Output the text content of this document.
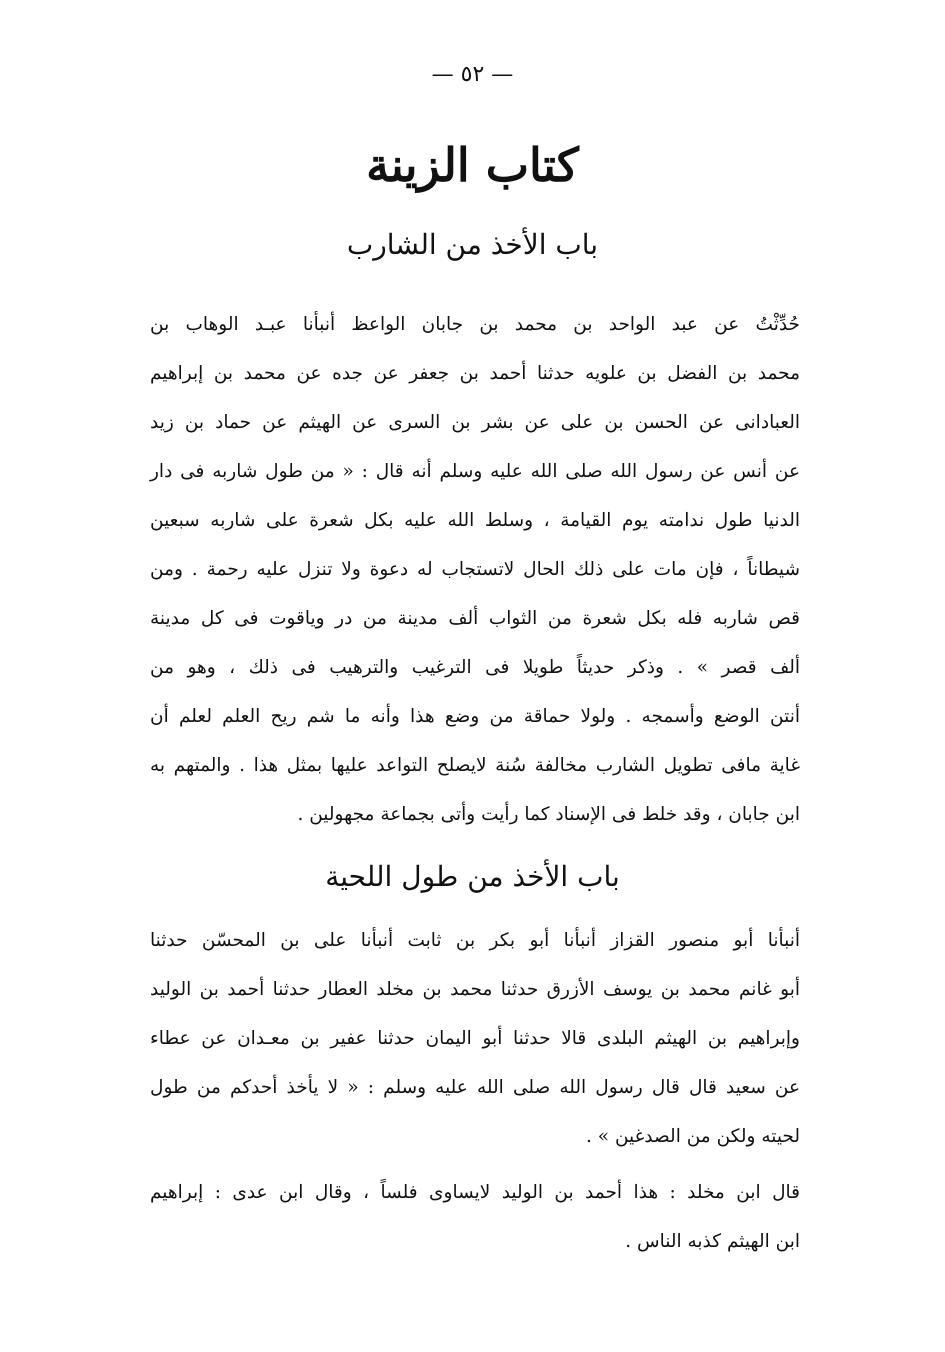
— ٥٢ —
كتاب الزينة
باب الأخذ من الشارب
حُدِّثْتُ عن عبد الواحد بن محمد بن جابان الواعظ أنبأنا عبـد الوهاب بن
محمد بن الفضل بن علويه حدثنا أحمد بن جعفر عن جده عن محمد بن إبراهيم
العبادانى عن الحسن بن على عن بشر بن السرى عن الهيثم عن حماد بن زيد
عن أنس عن رسول الله صلى الله عليه وسلم أنه قال : « من طول شاربه فى دار
الدنيا طول ندامته يوم القيامة ، وسلط الله عليه بكل شعرة على شاربه سبعين
شيطاناً ، فإن مات على ذلك الحال لاتستجاب له دعوة ولا تنزل عليه رحمة . ومن
قص شاربه فله بكل شعرة من الثواب ألف مدينة من در وياقوت فى كل مدينة
ألف قصر » . وذكر حديثاً طويلا فى الترغيب والترهيب فى ذلك ، وهو من
أنتن الوضع وأسمجه . ولولا حماقة من وضع هذا وأنه ما شم ريح العلم لعلم أن
غاية مافى تطويل الشارب مخالفة سُنة لايصلح التواعد عليها بمثل هذا . والمتهم به
ابن جابان ، وقد خلط فى الإسناد كما رأيت وأتى بجماعة مجهولين .
باب الأخذ من طول اللحية
أنبأنا أبو منصور القزاز أنبأنا أبو بكر بن ثابت أنبأنا على بن المحسّن حدثنا
أبو غانم محمد بن يوسف الأزرق حدثنا محمد بن مخلد العطار حدثنا أحمد بن الوليد
وإبراهيم بن الهيثم البلدى قالا حدثنا أبو اليمان حدثنا عفير بن معـدان عن عطاء
عن سعيد قال قال رسول الله صلى الله عليه وسلم : « لا يأخذ أحدكم من طول
لحيته ولكن من الصدغين » .
قال ابن مخلد : هذا أحمد بن الوليد لايساوى فلساً ، وقال ابن عدى : إبراهيم
ابن الهيثم كذبه الناس .
